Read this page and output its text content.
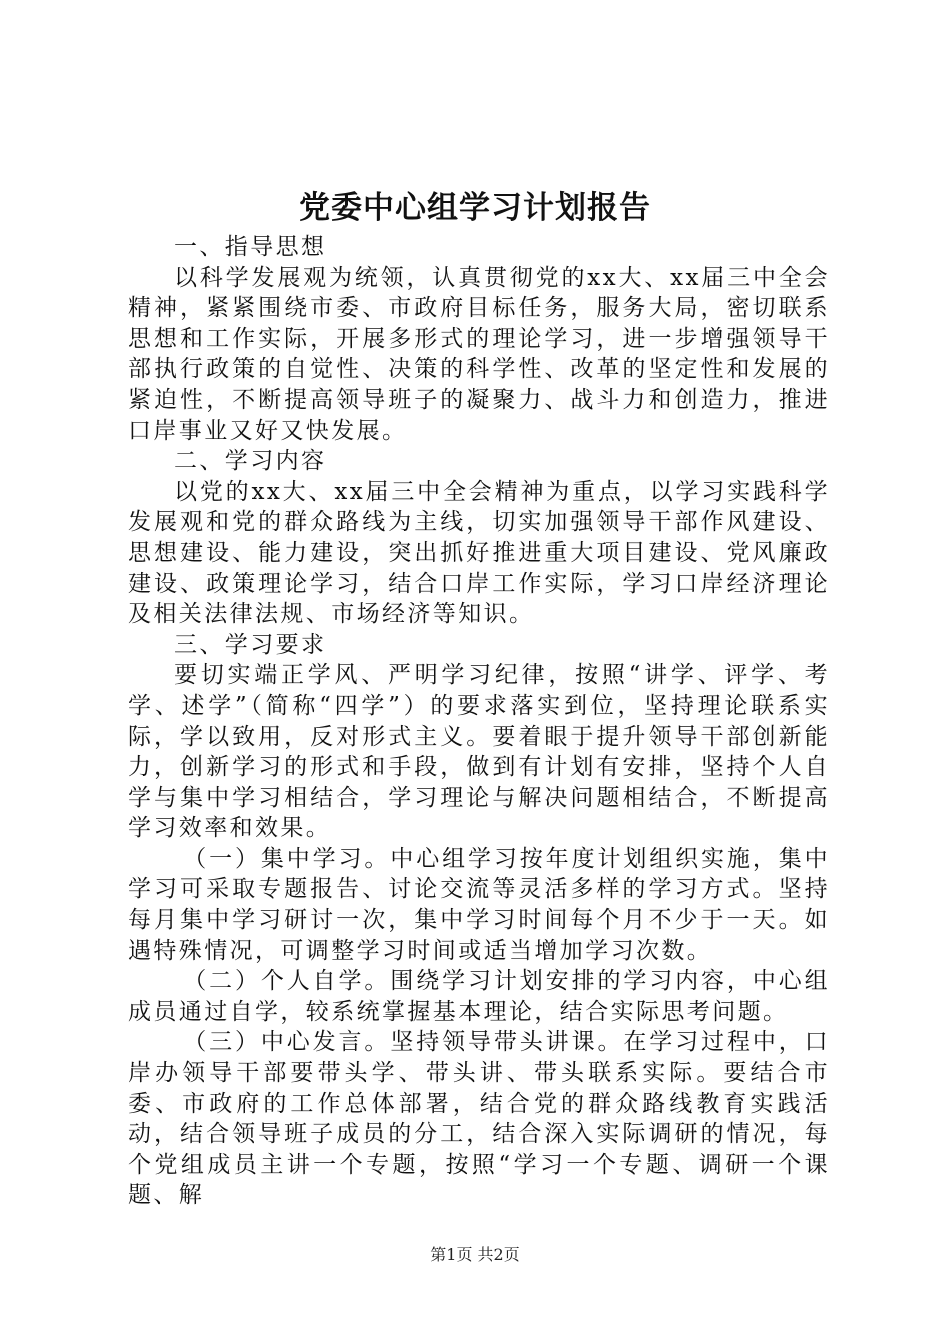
党委中心组学习计划报告

一、指导思想

以科学发展观为统领，认真贯彻党的xx大、xx届三中全会精神，紧紧围绕市委、市政府目标任务，服务大局，密切联系思想和工作实际，开展多形式的理论学习，进一步增强领导干部执行政策的自觉性、决策的科学性、改革的坚定性和发展的紧迫性，不断提高领导班子的凝聚力、战斗力和创造力，推进口岸事业又好又快发展。

二、学习内容

以党的xx大、xx届三中全会精神为重点，以学习实践科学发展观和党的群众路线为主线，切实加强领导干部作风建设、思想建设、能力建设，突出抓好推进重大项目建设、党风廉政建设、政策理论学习，结合口岸工作实际，学习口岸经济理论及相关法律法规、市场经济等知识。

三、学习要求

要切实端正学风、严明学习纪律，按照“讲学、评学、考学、述学”（简称“四学”）的要求落实到位，坚持理论联系实际，学以致用，反对形式主义。要着眼于提升领导干部创新能力，创新学习的形式和手段，做到有计划有安排，坚持个人自学与集中学习相结合，学习理论与解决问题相结合，不断提高学习效率和效果。

（一）集中学习。中心组学习按年度计划组织实施，集中学习可采取专题报告、讨论交流等灵活多样的学习方式。坚持每月集中学习研讨一次，集中学习时间每个月不少于一天。如遇特殊情况，可调整学习时间或适当增加学习次数。

（二）个人自学。围绕学习计划安排的学习内容，中心组成员通过自学，较系统掌握基本理论，结合实际思考问题。

（三）中心发言。坚持领导带头讲课。在学习过程中，口岸办领导干部要带头学、带头讲、带头联系实际。要结合市委、市政府的工作总体部署，结合党的群众路线教育实践活动，结合领导班子成员的分工，结合深入实际调研的情况，每个党组成员主讲一个专题，按照“学习一个专题、调研一个课题、解

第1页 共2页
